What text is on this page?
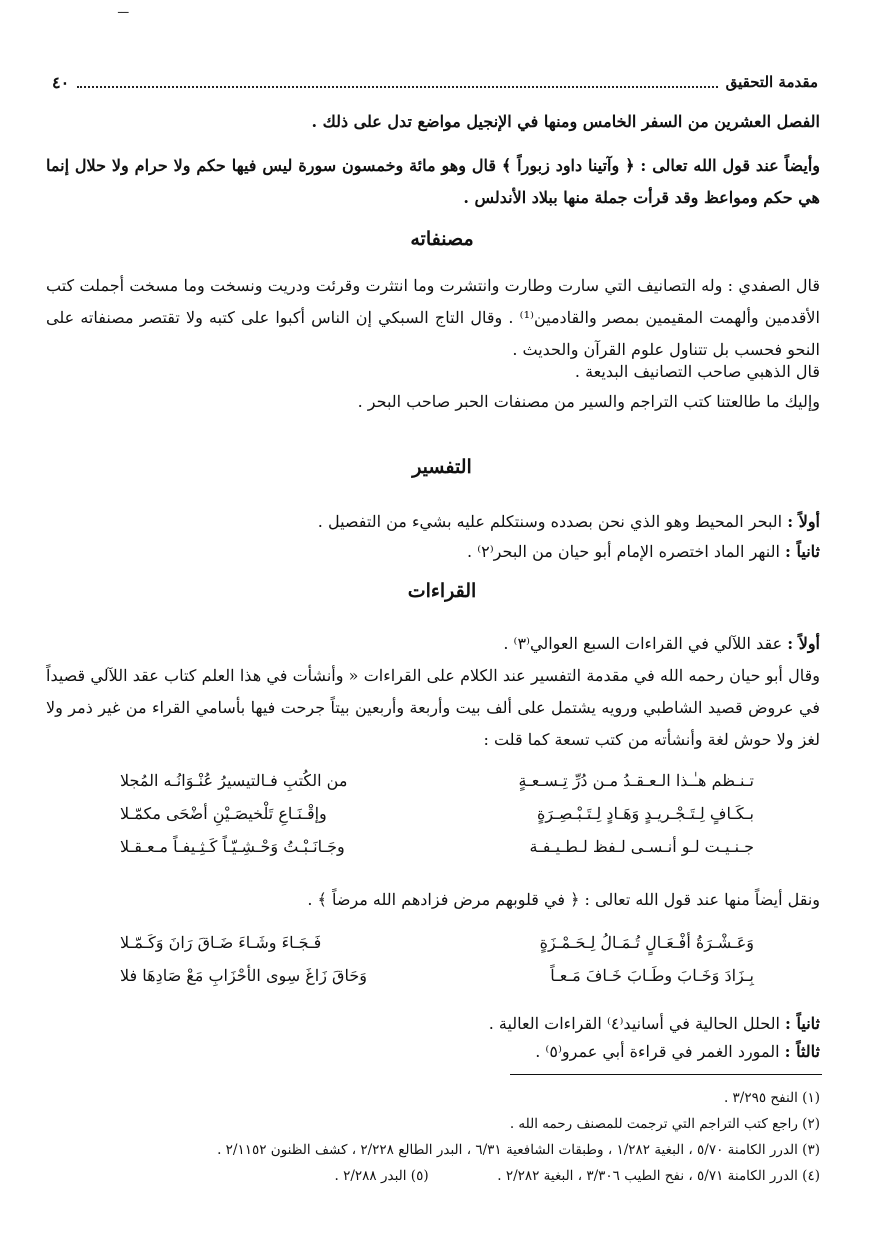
ـــ
مقدمة التحقيق
٤٠
الفصل العشرين من السفر الخامس ومنها في الإنجيل مواضع تدل على ذلك .

وأيضاً عند قول الله تعالى : ﴿ وآتينا داود زبوراً ﴾ قال وهو مائة وخمسون سورة ليس فيها حكم ولا حرام ولا حلال إنما هي حكم ومواعظ وقد قرأت جملة منها ببلاد الأندلس .

مصنفاته

قال الصفدي : وله التصانيف التي سارت وطارت وانتشرت وما انتثرت وقرئت ودريت ونسخت وما مسخت أجملت كتب الأقدمين وألهمت المقيمين بمصر والقادمين⁽¹⁾ . وقال التاج السبكي إن الناس أكبوا على كتبه ولا تقتصر مصنفاته على النحو فحسب بل تتناول علوم القرآن والحديث .

قال الذهبي صاحب التصانيف البديعة .
وإليك ما طالعتنا كتب التراجم والسير من مصنفات الحبر صاحب البحر .
التفسير
أولاً : البحر المحيط وهو الذي نحن بصدده وسنتكلم عليه بشيء من التفصيل .
ثانياً : النهر الماد اختصره الإمام أبو حيان من البحر⁽٢⁾ .
القراءات
أولاً : عقد اللآلي في القراءات السبع العوالي⁽٣⁾ .

وقال أبو حيان رحمه الله في مقدمة التفسير عند الكلام على القراءات « وأنشأت في هذا العلم كتاب عقد اللآلي قصيداً في عروض قصيد الشاطبي ورويه يشتمل على ألف بيت وأربعة وأربعين بيتاً جرحت فيها بأسامي القراء من غير ذمر ولا لغز ولا حوش لغة وأنشأته من كتب تسعة كما قلت :

تـنـظم هـٰـذا الـعـقـدُ مـن دُرِّ تِـسـعـةٍ
من الكُتبِ فـالتيسيرُ عُنْـوَانُـه المُجلا
بـكَـافٍ لِـتَـجْـريـدٍ وَهَـادٍ لِـتَـبْـصِـرَةٍ
وإقْـنَـاعِ تَلْخيصَـيْنِ أضْحَى مكمّـلا
جـنـيـت لـو أنـسـى لـفظ لـطـيـفـة
وجَـانَـبْـتُ وَحْـشِـيّـاً كَـثِـيفـاً مـعـقـلا
ونقل أيضاً منها عند قول الله تعالى : ﴿ في قلوبهم مرض فزادهم الله مرضاً ﴾ .
وَعَـشْـرَةُ أفْـعَـالٍ تُـمَـالُ لِـحَـمْـزَةٍ
فَـجَـاءَ وشَـاءَ ضَـاقَ رَانَ وَكَـمّـلا
بِـزَادَ وَخَـابَ وطَـابَ خَـافَ مَـعـاً
وَحَاقَ زَاغَ سِوى الأحْزَابِ مَعْ صَادِهَا فلا
ثانياً : الحلل الحالية في أسانيد⁽٤⁾ القراءات العالية .
ثالثاً : المورد الغمر في قراءة أبي عمرو⁽٥⁾ .
(١) النفح ٣/٢٩٥ .
(٢) راجع كتب التراجم التي ترجمت للمصنف رحمه الله .
(٣) الدرر الكامنة ٥/٧٠ ، البغية ١/٢٨٢ ، وطبقات الشافعية ٦/٣١ ، البدر الطالع ٢/٢٢٨ ، كشف الظنون ٢/١١٥٢ .
(٤) الدرر الكامنة ٥/٧١ ، نفح الطيب ٣/٣٠٦ ، البغية ٢/٢٨٢ .  (٥) البدر ٢/٢٨٨ .
